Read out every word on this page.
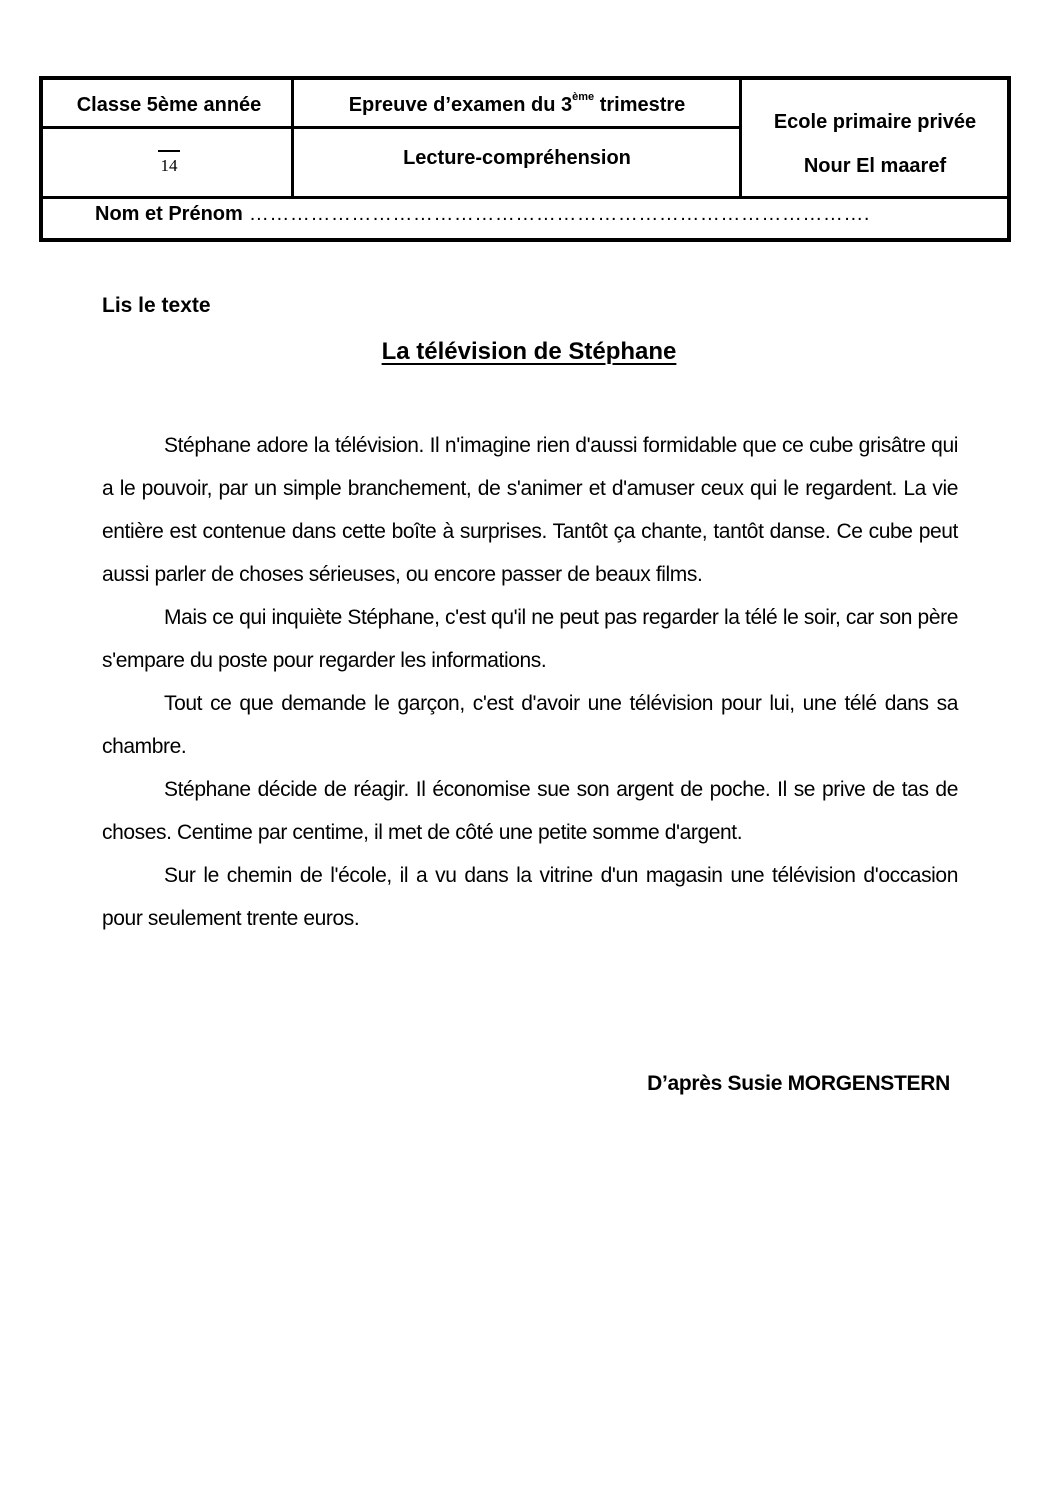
Classe 5ème année	Epreuve d’examen du 3ème trimestre
Ecole primaire privée
Nour El maaref
14	Lecture-compréhension
Nom et Prénom ……………………………………………………………………………….
Lis le texte
La télévision de Stéphane

Stéphane adore la télévision. Il n'imagine rien d'aussi formidable que ce cube grisâtre qui a le pouvoir, par un simple branchement, de s'animer et d'amuser ceux qui le regardent. La vie entière est contenue dans cette boîte à surprises. Tantôt ça chante, tantôt danse. Ce cube peut aussi parler de choses sérieuses, ou encore passer de beaux films.

Mais ce qui inquiète Stéphane, c'est qu'il ne peut pas regarder la télé le soir, car son père s'empare du poste pour regarder les informations.

Tout ce que demande le garçon, c'est d'avoir une télévision pour lui, une télé dans sa chambre.

Stéphane décide de réagir. Il économise sue son argent de poche. Il se prive de tas de choses. Centime par centime, il met de côté une petite somme d'argent.

Sur le chemin de l'école, il a vu dans la vitrine d'un magasin une télévision d'occasion pour seulement trente euros.

D’après Susie MORGENSTERN
